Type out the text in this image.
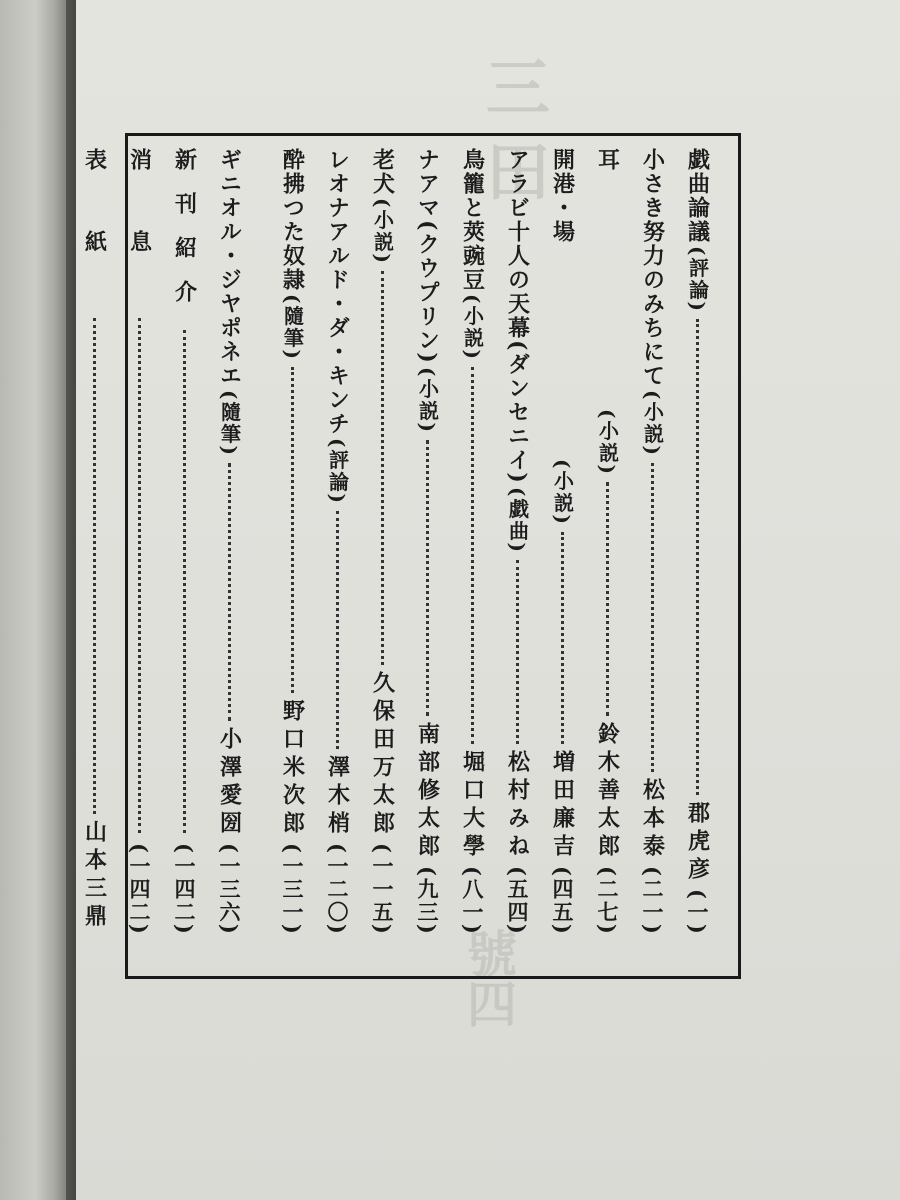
三田
號四
戯曲論議
(評論)
郡虎彦
(一)
小さき努力のみちにて
(小説)
松本泰
(二一)
耳
(小説)
鈴木善太郎
(二七)
開港・場
(小説)
増田廉吉
(四五)
アラビ十人の天幕(ダンセニイ)
(戯曲)
松村みね
(五四)
鳥籠と莢豌豆
(小説)
堀口大學
(八一)
ナアマ(クウプリン)
(小説)
南部修太郎
(九三)
老犬
(小説)
久保田万太郎
(一一五)
レオナアルド・ダ・キンチ
(評論)
澤木梢
(一二〇)
酔拂つた奴隷
(隨筆)
野口米次郎
(一三一)
ギニオル・ジヤポネエ
(隨筆)
小澤愛圀
(一三六)
新刊紹介
(一四二)
消息
(一四二)
表紙
山本三鼎
